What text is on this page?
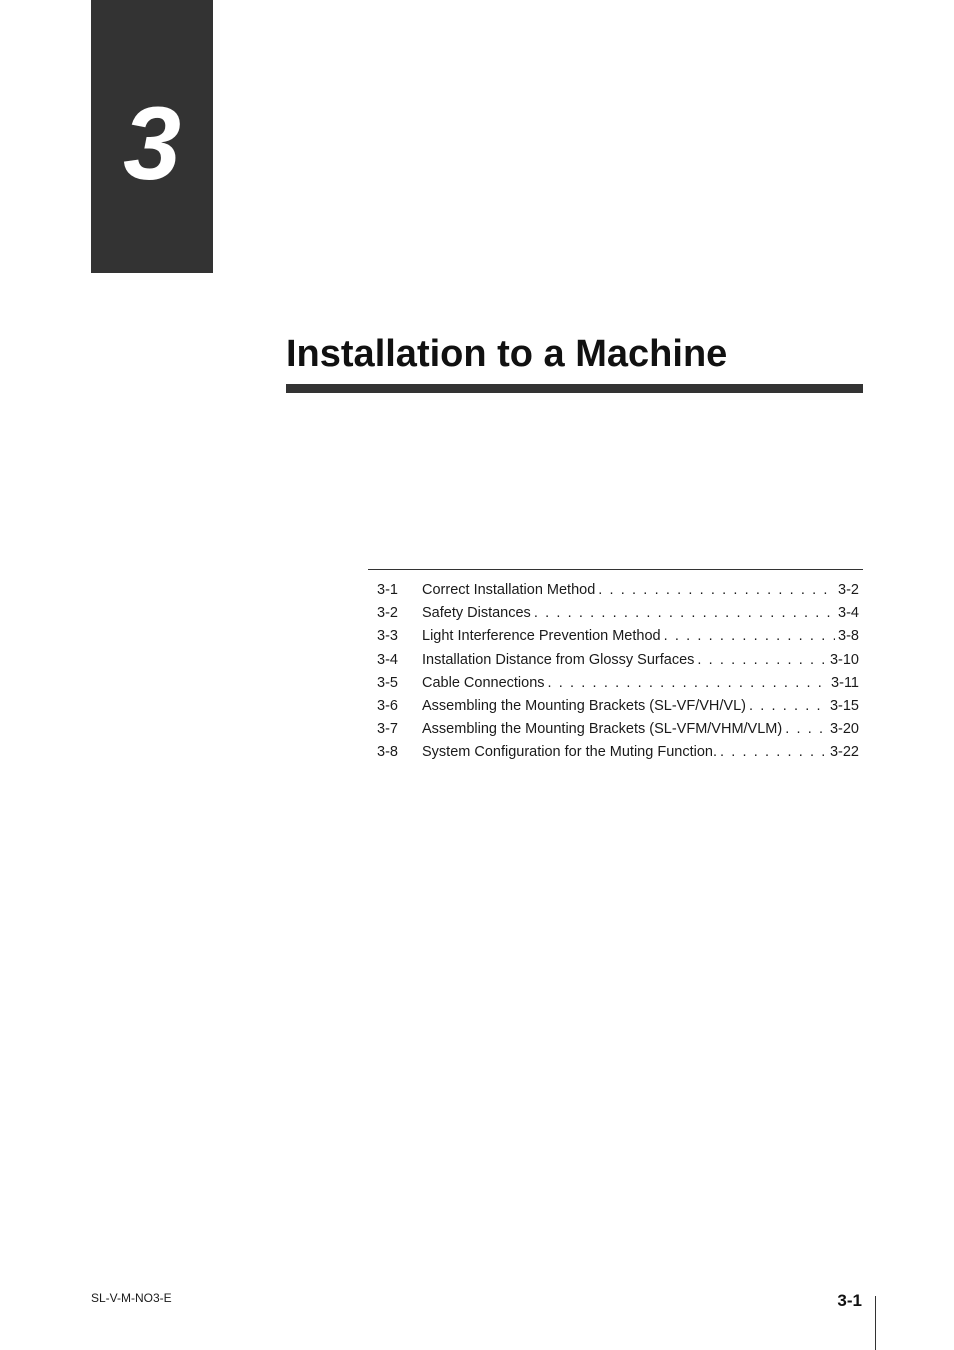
3
Installation to a Machine
3-1	Correct Installation Method . . .	3-2
3-2	Safety Distances . . .	3-4
3-3	Light Interference Prevention Method . . .	3-8
3-4	Installation Distance from Glossy Surfaces . . .	3-10
3-5	Cable Connections . . .	3-11
3-6	Assembling the Mounting Brackets (SL-VF/VH/VL) . . .	3-15
3-7	Assembling the Mounting Brackets (SL-VFM/VHM/VLM) . . .	3-20
3-8	System Configuration for the Muting Function. . . .	3-22
SL-V-M-NO3-E	3-1
